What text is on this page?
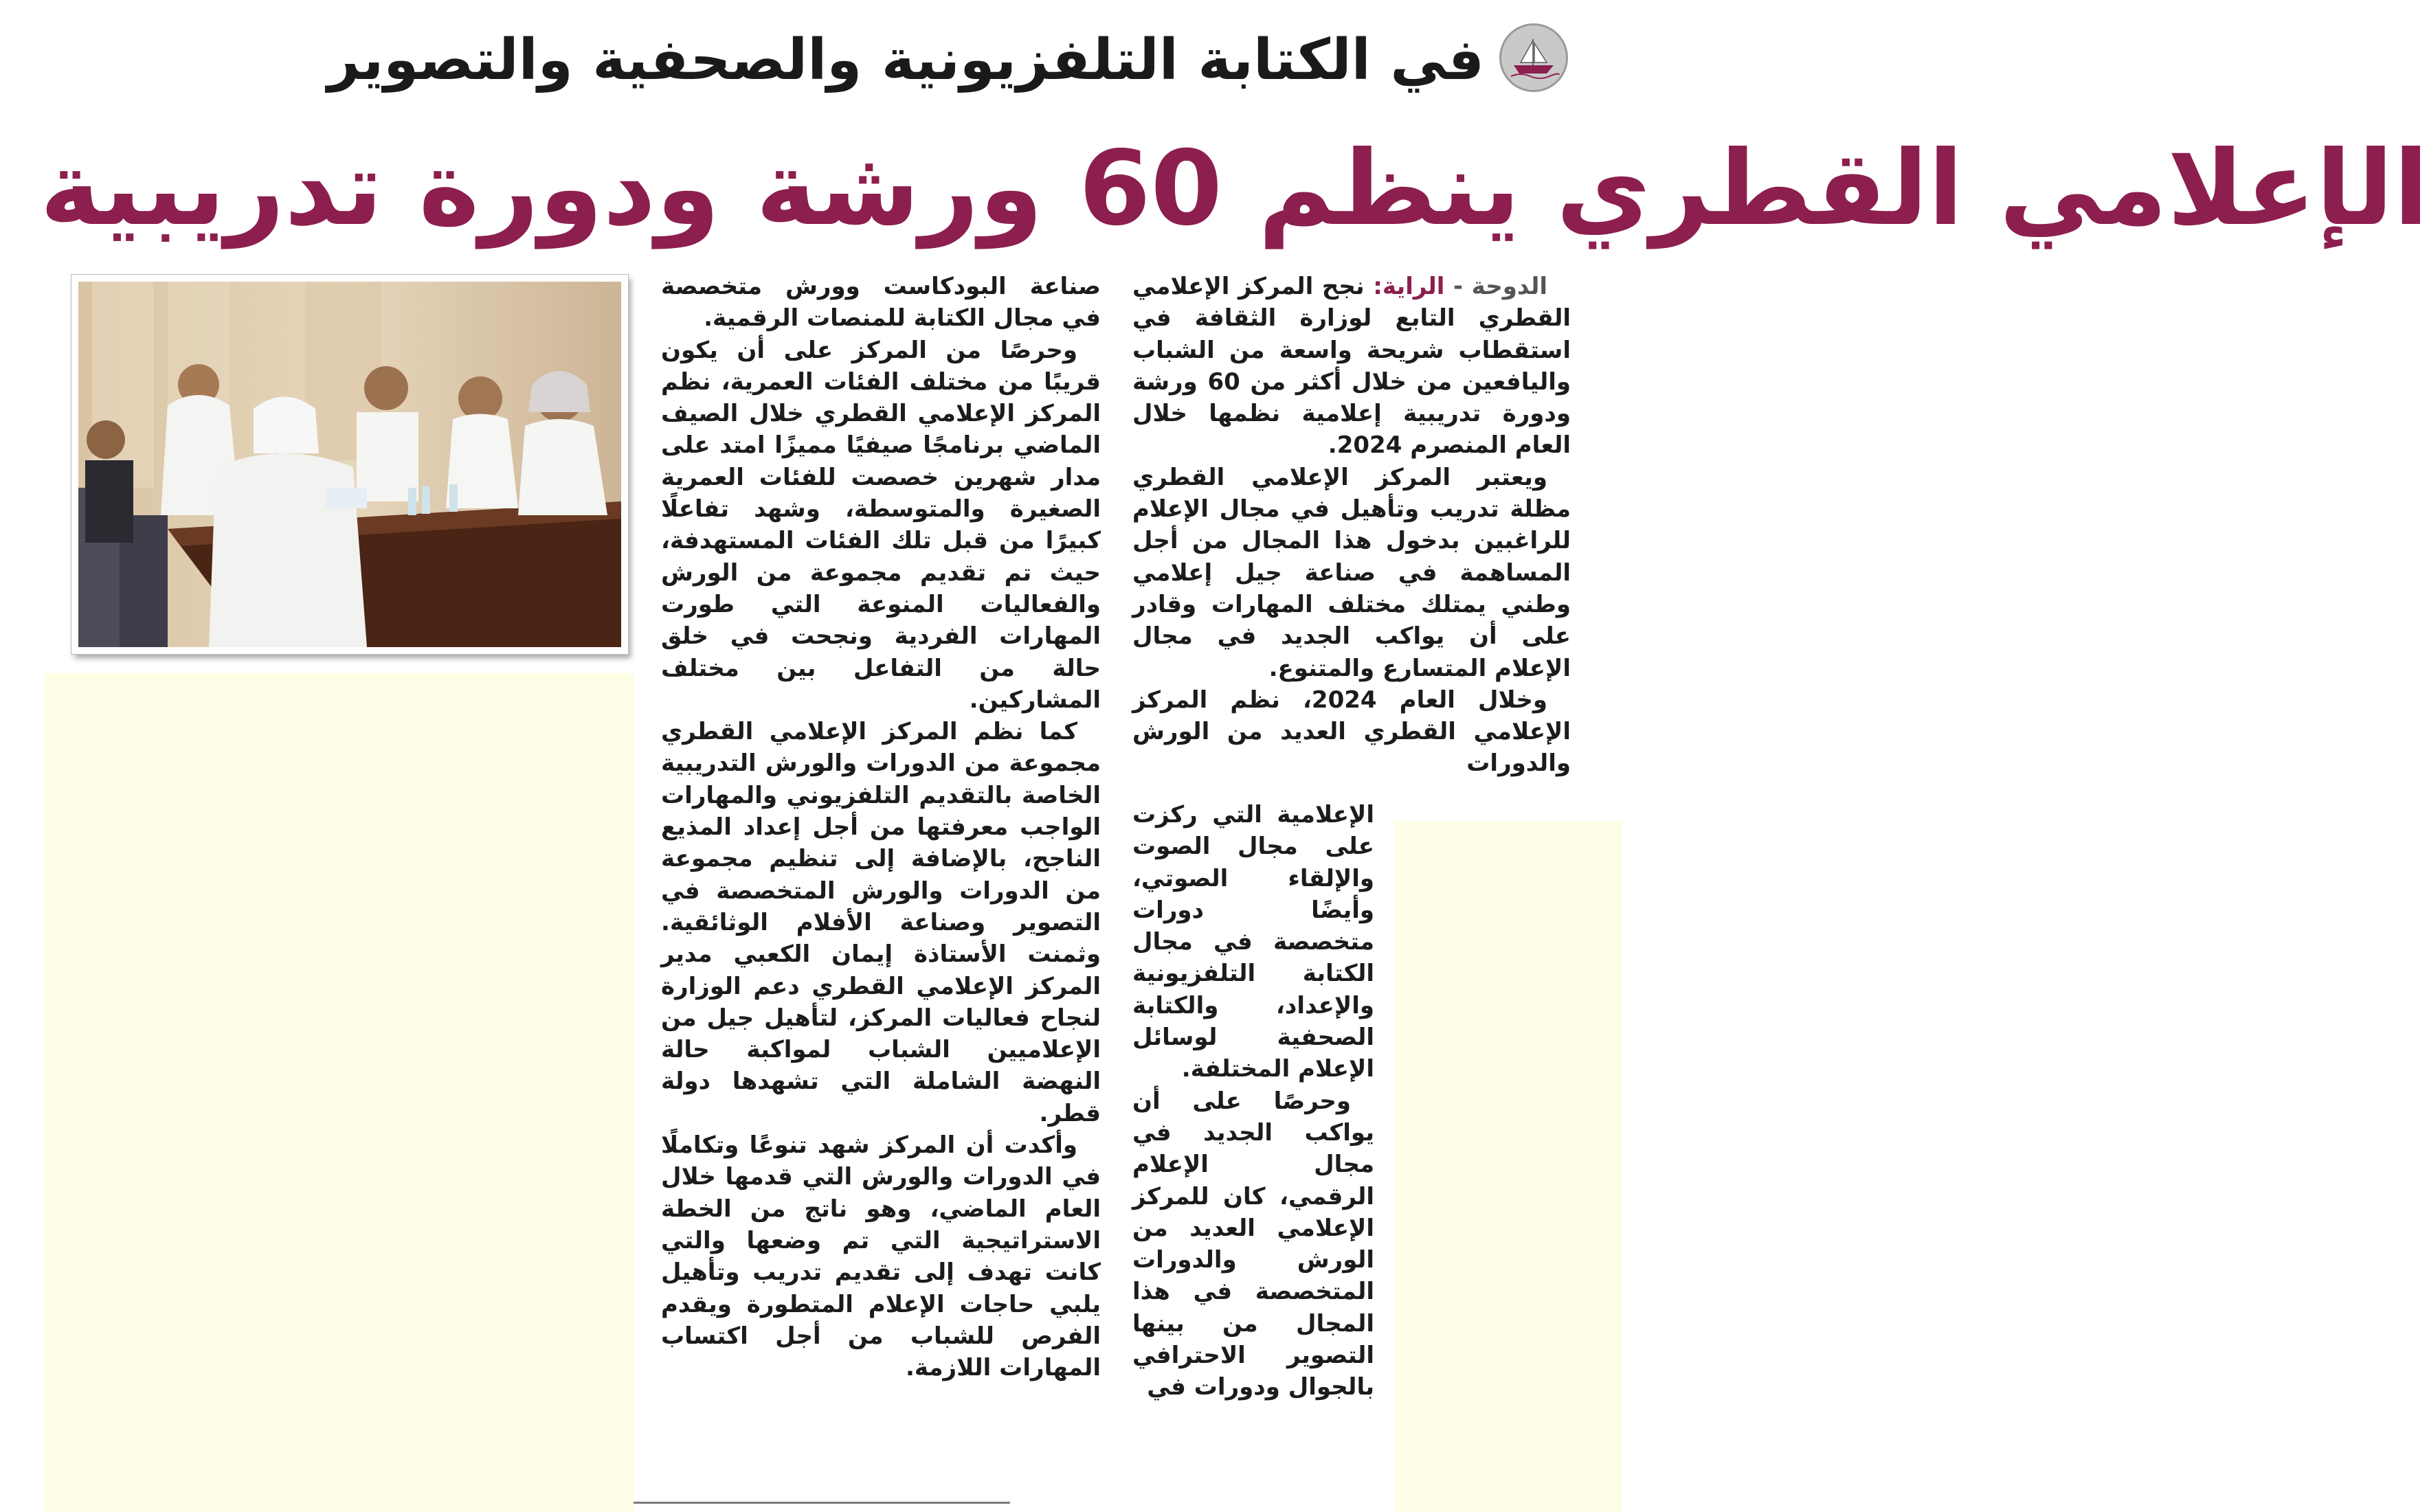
في الكتابة التلفزيونية والصحفية والتصوير
الإعلامي القطري ينظم 60 ورشة ودورة تدريبية

الدوحة - الراية: نجح المركز الإعلامي القطري التابع لوزارة الثقافة في استقطاب شريحة واسعة من الشباب واليافعين من خلال أكثر من 60 ورشة ودورة تدريبية إعلامية نظمها خلال العام المنصرم 2024.

ويعتبر المركز الإعلامي القطري مظلة تدريب وتأهيل في مجال الإعلام للراغبين بدخول هذا المجال من أجل المساهمة في صناعة جيل إعلامي وطني يمتلك مختلف المهارات وقادر على أن يواكب الجديد في مجال الإعلام المتسارع والمتنوع.

وخلال العام 2024، نظم المركز الإعلامي القطري العديد من الورش والدورات

الإعلامية التي ركزت على مجال الصوت والإلقاء الصوتي، وأيضًا دورات متخصصة في مجال الكتابة التلفزيونية والإعداد، والكتابة الصحفية لوسائل الإعلام المختلفة.

وحرصًا على أن يواكب الجديد في مجال الإعلام الرقمي، كان للمركز الإعلامي العديد من الورش والدورات المتخصصة في هذا المجال من بينها التصوير الاحترافي بالجوال ودورات في

صناعة البودكاست وورش متخصصة في مجال الكتابة للمنصات الرقمية.

وحرصًا من المركز على أن يكون قريبًا من مختلف الفئات العمرية، نظم المركز الإعلامي القطري خلال الصيف الماضي برنامجًا صيفيًا مميزًا امتد على مدار شهرين خصصت للفئات العمرية الصغيرة والمتوسطة، وشهد تفاعلًا كبيرًا من قبل تلك الفئات المستهدفة، حيث تم تقديم مجموعة من الورش والفعاليات المنوعة التي طورت المهارات الفردية ونجحت في خلق حالة من التفاعل بين مختلف المشاركين.

كما نظم المركز الإعلامي القطري مجموعة من الدورات والورش التدريبية الخاصة بالتقديم التلفزيوني والمهارات الواجب معرفتها من أجل إعداد المذيع الناجح، بالإضافة إلى تنظيم مجموعة من الدورات والورش المتخصصة في التصوير وصناعة الأفلام الوثائقية. وثمنت الأستاذة إيمان الكعبي مدير المركز الإعلامي القطري دعم الوزارة لنجاح فعاليات المركز، لتأهيل جيل من الإعلاميين الشباب لمواكبة حالة النهضة الشاملة التي تشهدها دولة قطر.

وأكدت أن المركز شهد تنوعًا وتكاملًا في الدورات والورش التي قدمها خلال العام الماضي، وهو ناتج من الخطة الاستراتيجية التي تم وضعها والتي كانت تهدف إلى تقديم تدريب وتأهيل يلبي حاجات الإعلام المتطورة ويقدم الفرص للشباب من أجل اكتساب المهارات اللازمة.
